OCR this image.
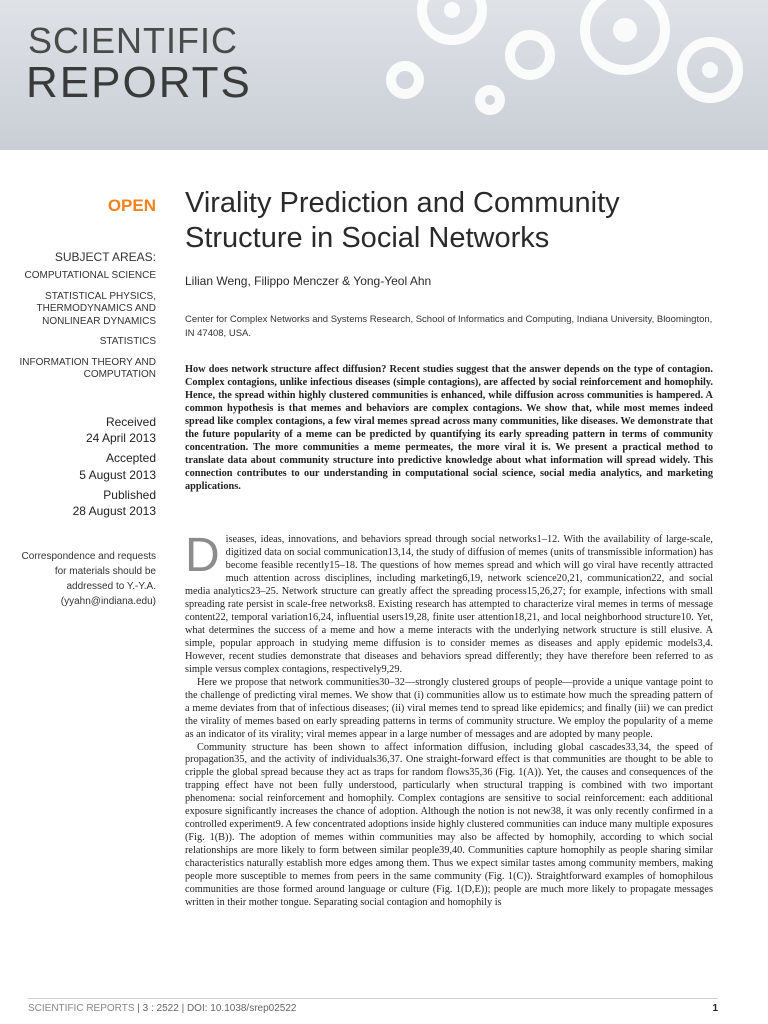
SCIENTIFIC
REPORTS
OPEN
SUBJECT AREAS:
COMPUTATIONAL SCIENCE
STATISTICAL PHYSICS, THERMODYNAMICS AND NONLINEAR DYNAMICS
STATISTICS
INFORMATION THEORY AND COMPUTATION
Received
24 April 2013
Accepted
5 August 2013
Published
28 August 2013
Correspondence and requests for materials should be addressed to Y.-Y.A. (yyahn@indiana.edu)
Virality Prediction and Community Structure in Social Networks
Lilian Weng, Filippo Menczer & Yong-Yeol Ahn
Center for Complex Networks and Systems Research, School of Informatics and Computing, Indiana University, Bloomington, IN 47408, USA.
How does network structure affect diffusion? Recent studies suggest that the answer depends on the type of contagion. Complex contagions, unlike infectious diseases (simple contagions), are affected by social reinforcement and homophily. Hence, the spread within highly clustered communities is enhanced, while diffusion across communities is hampered. A common hypothesis is that memes and behaviors are complex contagions. We show that, while most memes indeed spread like complex contagions, a few viral memes spread across many communities, like diseases. We demonstrate that the future popularity of a meme can be predicted by quantifying its early spreading pattern in terms of community concentration. The more communities a meme permeates, the more viral it is. We present a practical method to translate data about community structure into predictive knowledge about what information will spread widely. This connection contributes to our understanding in computational social science, social media analytics, and marketing applications.

Diseases, ideas, innovations, and behaviors spread through social networks1–12. With the availability of large-scale, digitized data on social communication13,14, the study of diffusion of memes (units of transmissible information) has become feasible recently15–18. The questions of how memes spread and which will go viral have recently attracted much attention across disciplines, including marketing6,19, network science20,21, communication22, and social media analytics23–25. Network structure can greatly affect the spreading process15,26,27; for example, infections with small spreading rate persist in scale-free networks8. Existing research has attempted to characterize viral memes in terms of message content22, temporal variation16,24, influential users19,28, finite user attention18,21, and local neighborhood structure10. Yet, what determines the success of a meme and how a meme interacts with the underlying network structure is still elusive. A simple, popular approach in studying meme diffusion is to consider memes as diseases and apply epidemic models3,4. However, recent studies demonstrate that diseases and behaviors spread differently; they have therefore been referred to as simple versus complex contagions, respectively9,29.

Here we propose that network communities30–32—strongly clustered groups of people—provide a unique vantage point to the challenge of predicting viral memes. We show that (i) communities allow us to estimate how much the spreading pattern of a meme deviates from that of infectious diseases; (ii) viral memes tend to spread like epidemics; and finally (iii) we can predict the virality of memes based on early spreading patterns in terms of community structure. We employ the popularity of a meme as an indicator of its virality; viral memes appear in a large number of messages and are adopted by many people.

Community structure has been shown to affect information diffusion, including global cascades33,34, the speed of propagation35, and the activity of individuals36,37. One straight-forward effect is that communities are thought to be able to cripple the global spread because they act as traps for random flows35,36 (Fig. 1(A)). Yet, the causes and consequences of the trapping effect have not been fully understood, particularly when structural trapping is combined with two important phenomena: social reinforcement and homophily. Complex contagions are sensitive to social reinforcement: each additional exposure significantly increases the chance of adoption. Although the notion is not new38, it was only recently confirmed in a controlled experiment9. A few concentrated adoptions inside highly clustered communities can induce many multiple exposures (Fig. 1(B)). The adoption of memes within communities may also be affected by homophily, according to which social relationships are more likely to form between similar people39,40. Communities capture homophily as people sharing similar characteristics naturally establish more edges among them. Thus we expect similar tastes among community members, making people more susceptible to memes from peers in the same community (Fig. 1(C)). Straightforward examples of homophilous communities are those formed around language or culture (Fig. 1(D,E)); people are much more likely to propagate messages written in their mother tongue. Separating social contagion and homophily is

SCIENTIFIC REPORTS | 3 : 2522 | DOI: 10.1038/srep02522	1
